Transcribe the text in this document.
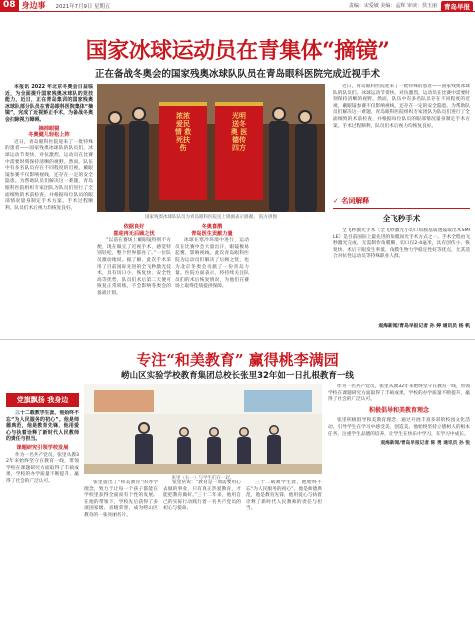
08 身边事 2021年7月9日 星期五	责编：宋爱敏 美编：孟辉 审读：侯玉丽	青岛早报
国家冰球运动员在青集体“摘镜”
正在备战冬奥会的国家残奥冰球队队员在青岛眼科医院完成近视手术

本报讯 2022 年北京冬奥会日益临近，为全面提升国家残奥冰球队的竞技能力，近日，正在青岛集训的国家残奥冰球队部分队员在青岛眼科医院集体“摘镜”，完成了近视矫正手术，为备战冬奥会扫除视力障碍。

摘掉眼镜
冬奥健儿轻松上阵

近日，青岛眼科医院迎来了一批特殊的患者——国家残奥冰球队的队员们。冰球运动节奏快、对抗激烈，运动员在比赛中需要时刻保持清晰的视野。然而，队伍中有多名队员存在不同程度的近视，戴眼镜参赛不仅影响视线，还存在一定的安全隐患。为帮助队员们解决这一难题，青岛眼科医院组织专家团队为队员们进行了全面细致的术前检查，并根据每位队员的眼部情况量身制定手术方案。手术过程顺利，队员们术后视力均恢复良好。

浓浓爱民情 救死扶伤
光明送冬奥 医德传四方
国家残奥冰球队队员为青岛眼科医院送上锦旗表示感谢。 院方供图

依据良好
喜迎再无后顾之忧

“以前在赛场上戴眼镜特别不方便，现在做完了近视手术，感觉特别轻松，整个世界都亮了。”一位队员激动地说。据了解，此次手术采用了目前国际先进的全飞秒激光技术，具有切口小、恢复快、安全性高等优势，队员们术后第二天便可恢复正常训练，不会影响冬奥会的备战计划。

冬奥喜鹊
青岛医生贡献力量

冰球在寒冷环境中进行，运动员在比赛中会大量出汗，眼镜极易起雾，影响视线。此次青岛眼科医院为运动员们解决了后顾之忧，也为北京冬奥会贡献了一份青岛力量。医院方面表示，将持续关注队员们的术后恢复情况，为他们在赛场上取得佳绩提供保障。

近日，青岛眼科医院迎来了一批特殊的患者——国家残奥冰球队的队员们。冰球运动节奏快、对抗激烈，运动员在比赛中需要时刻保持清晰的视野。然而，队伍中有多名队员存在不同程度的近视，戴眼镜参赛不仅影响视线，还存在一定的安全隐患。为帮助队员们解决这一难题，青岛眼科医院组织专家团队为队员们进行了全面细致的术前检查，并根据每位队员的眼部情况量身制定手术方案。手术过程顺利，队员们术后视力均恢复良好。

✓ 名词解释
全飞秒手术
全飞秒激光手术（全飞秒激光小切口角膜基质透镜取出术SMILE）是目前国际上最先进的角膜屈光手术方式之一。手术全程由飞秒激光完成，无需制作角膜瓣，切口仅2-4毫米，具有创伤小、恢复快、术后干眼发生率低、角膜生物力学稳定性好等优点，尤其适合对抗性运动员等特殊职业人群。
观海新闻/青岛早报记者 孙 婷 通讯员 杨 帆
专注“和美教育” 赢得桃李满园
崂山区实验学校教育集团总校长张里32年如一日扎根教育一线
党旗飘扬 我身边

三十二载教学生涯，他始终不忘“为人民服务的初心”。他是师德典范，他是教育先锋，他用爱心与执着诠释了新时代人民教师的责任与担当。

课题研究引领学校发展

作为一名共产党员，张里从教32年来始终坚守在教育一线，带领学校在课题研究方面取得了丰硕成果，学校的办学质量不断提升，赢得了社会的广泛认可。	张里提出了“和美教育”的办学理念，致力于让每一个孩子都能在学校里获得全面而有个性的发展。在他的带领下，学校先后获得了多项国家级、省级荣誉，成为崂山区教育的一张亮丽名片。

张里（右一）与学生们在一起。

张里常说：“教育是一项需要用心去做的事业，只有真正热爱教育，才能把教育做好。”三十二年来，他用自己的实际行动践行着一名共产党员的初心与使命。

三十二载教学生涯，他始终不忘“为人民服务的初心”。他是师德典范，他是教育先锋，他用爱心与执着诠释了新时代人民教师的责任与担当。

作为一名共产党员，张里从教32年来始终坚守在教育一线，带领学校在课题研究方面取得了丰硕成果，学校的办学质量不断提升，赢得了社会的广泛认可。

积极倡导和美教育理念

张里积极倡导和美教育理念，通过开展丰富多彩的校园文化活动，引导学生在学习中感受美、创造美。他始终坚持立德树人的根本任务，注重学生品德的培养，让学生在快乐中学习，在学习中成长。

观海新闻/青岛早报记者 陈 勇 通讯员 孙 悦
